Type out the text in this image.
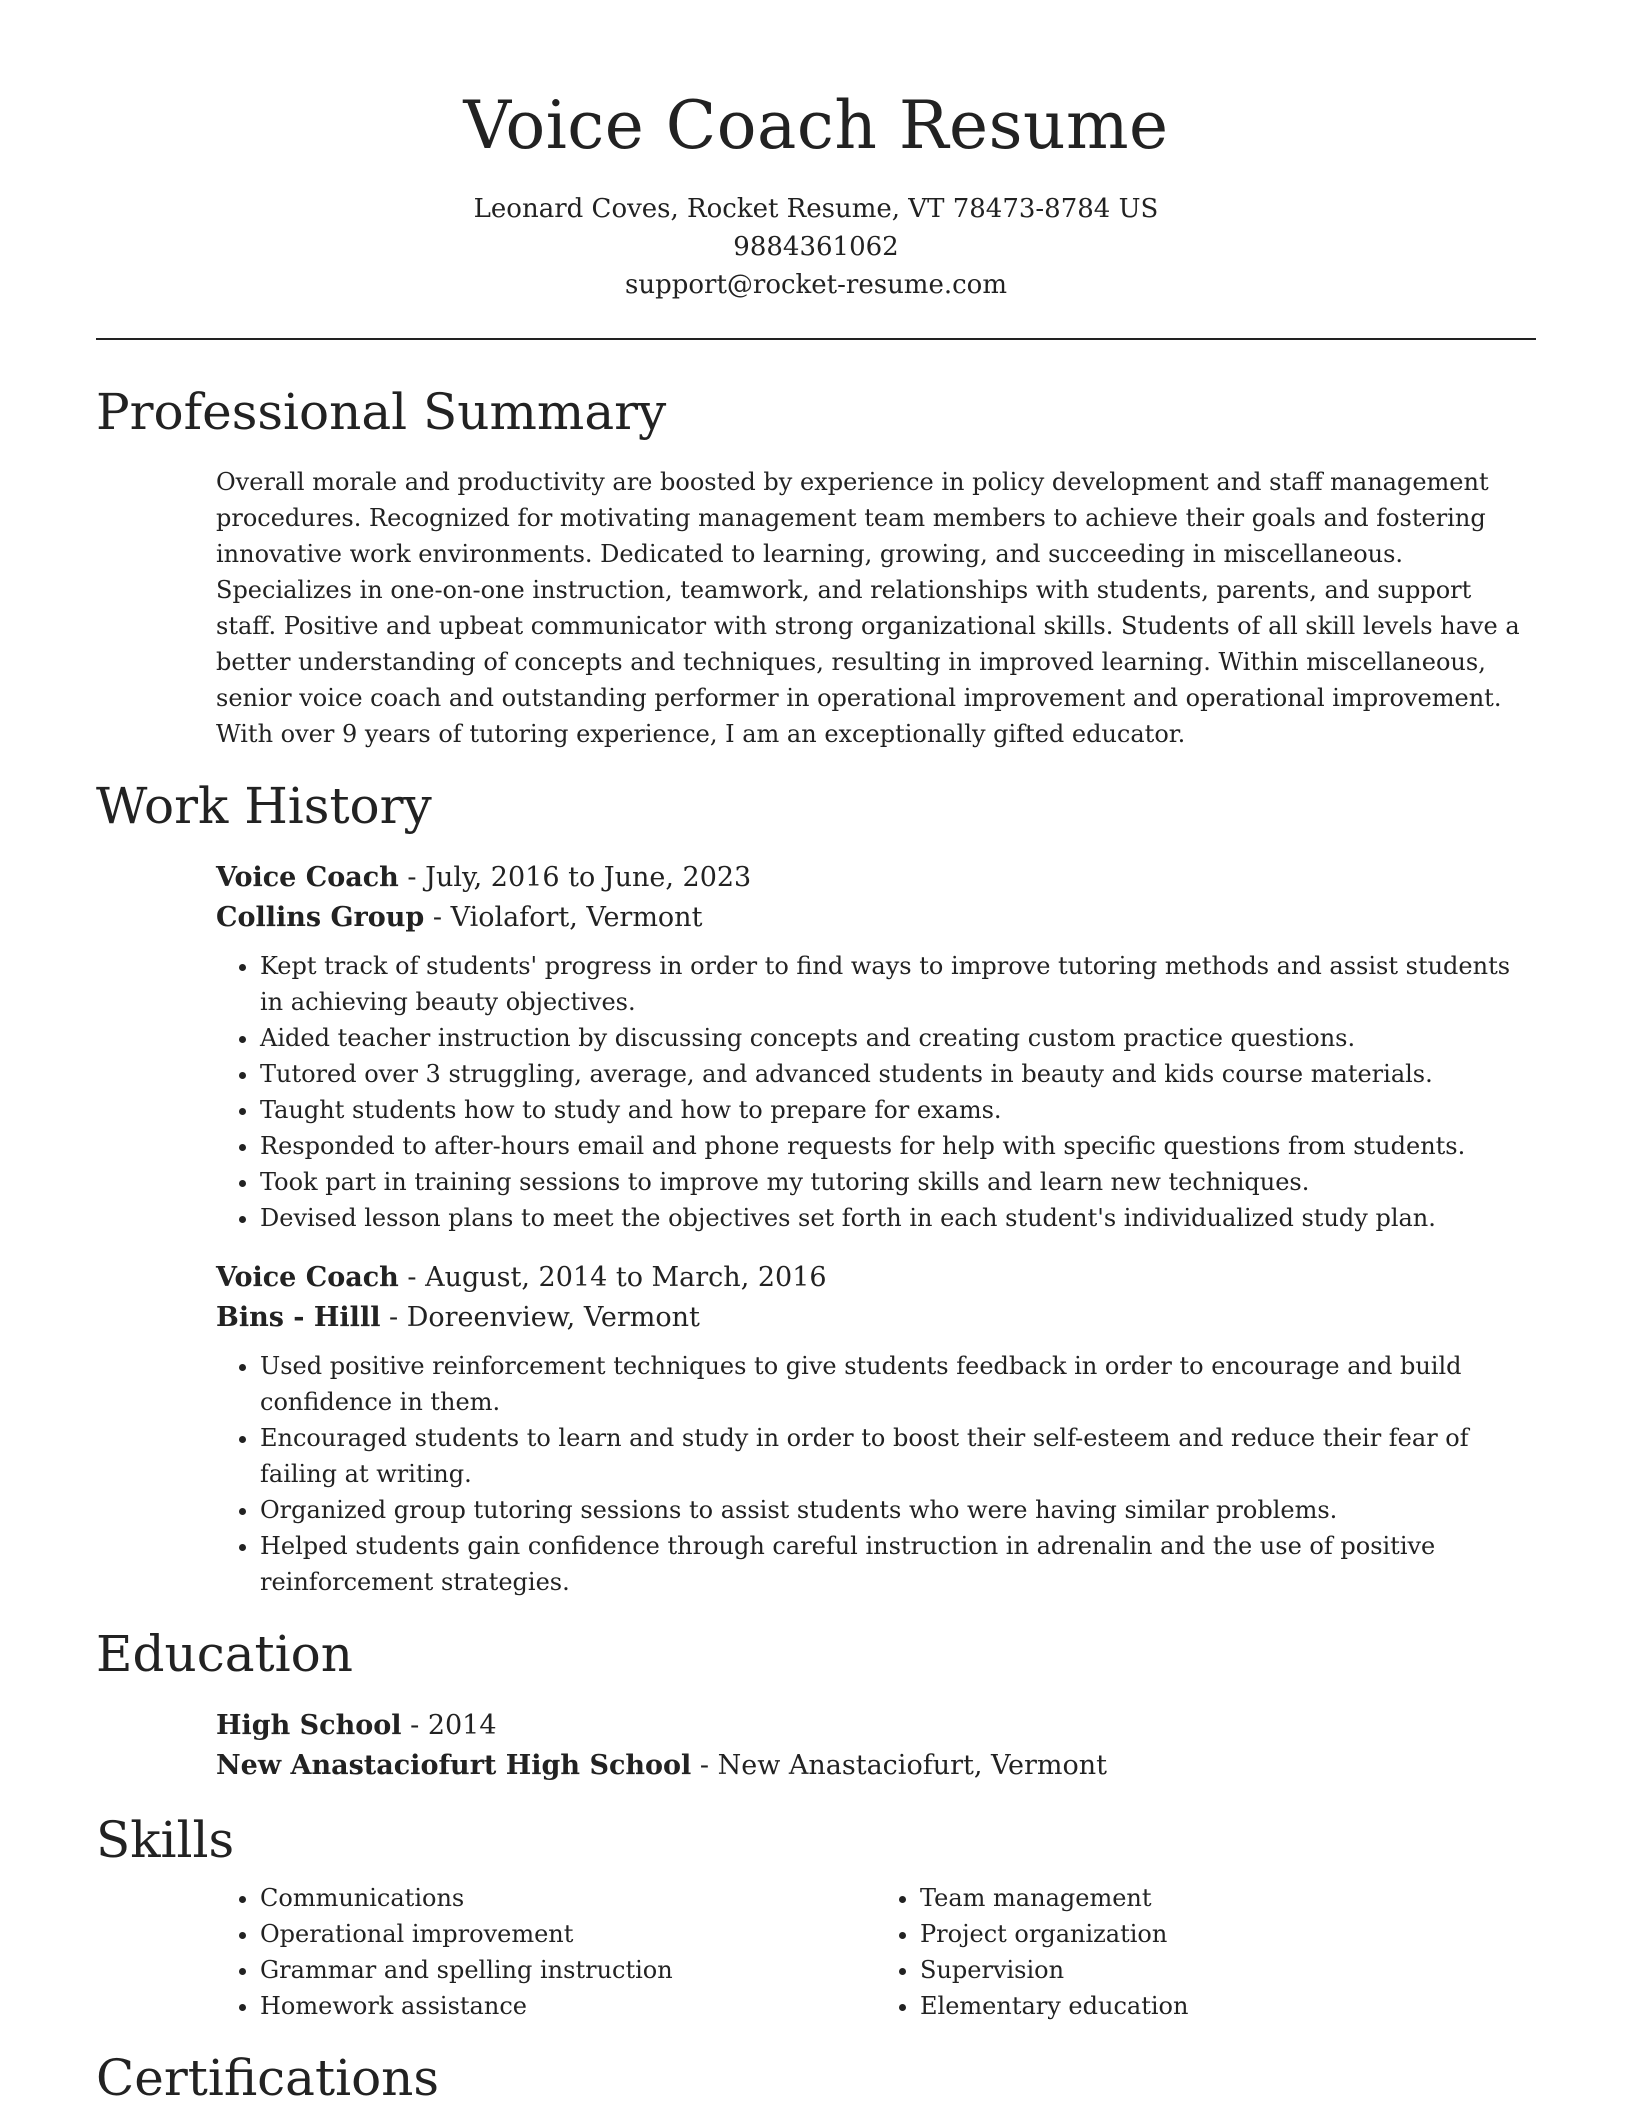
Voice Coach Resume
Leonard Coves, Rocket Resume, VT 78473-8784 US
9884361062
support@rocket-resume.com
Professional Summary

Overall morale and productivity are boosted by experience in policy development and staff management procedures. Recognized for motivating management team members to achieve their goals and fostering innovative work environments. Dedicated to learning, growing, and succeeding in miscellaneous. Specializes in one-on-one instruction, teamwork, and relationships with students, parents, and support staff. Positive and upbeat communicator with strong organizational skills. Students of all skill levels have a better understanding of concepts and techniques, resulting in improved learning. Within miscellaneous, senior voice coach and outstanding performer in operational improvement and operational improvement. With over 9 years of tutoring experience, I am an exceptionally gifted educator.

Work History
Voice Coach - July, 2016 to June, 2023
Collins Group - Violafort, Vermont
• Kept track of students' progress in order to find ways to improve tutoring methods and assist students in achieving beauty objectives.
• Aided teacher instruction by discussing concepts and creating custom practice questions.
• Tutored over 3 struggling, average, and advanced students in beauty and kids course materials.
• Taught students how to study and how to prepare for exams.
• Responded to after-hours email and phone requests for help with specific questions from students.
• Took part in training sessions to improve my tutoring skills and learn new techniques.
• Devised lesson plans to meet the objectives set forth in each student's individualized study plan.
Voice Coach - August, 2014 to March, 2016
Bins - Hilll - Doreenview, Vermont
• Used positive reinforcement techniques to give students feedback in order to encourage and build confidence in them.
• Encouraged students to learn and study in order to boost their self-esteem and reduce their fear of failing at writing.
• Organized group tutoring sessions to assist students who were having similar problems.
• Helped students gain confidence through careful instruction in adrenalin and the use of positive reinforcement strategies.
Education
High School - 2014
New Anastaciofurt High School - New Anastaciofurt, Vermont
Skills
• Communications
• Operational improvement
• Grammar and spelling instruction
• Homework assistance
• Team management
• Project organization
• Supervision
• Elementary education
Certifications
